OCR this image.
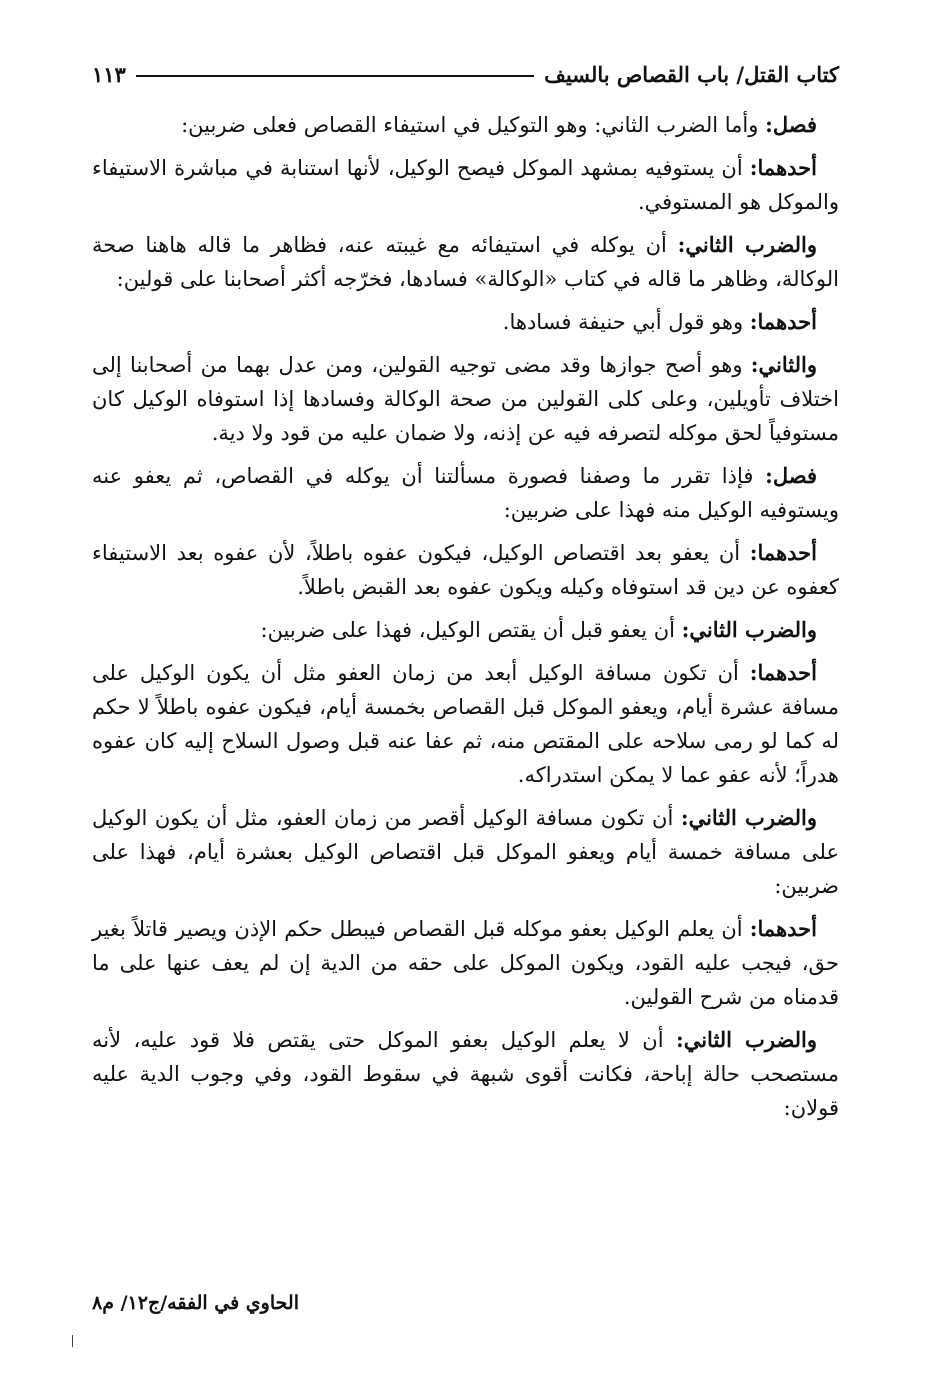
كتاب القتل/ باب القصاص بالسيف
١١٣

فصل: وأما الضرب الثاني: وهو التوكيل في استيفاء القصاص فعلى ضربين:

أحدهما: أن يستوفيه بمشهد الموكل فيصح الوكيل، لأنها استنابة في مباشرة الاستيفاء والموكل هو المستوفي.

والضرب الثاني: أن يوكله في استيفائه مع غيبته عنه، فظاهر ما قاله هاهنا صحة الوكالة، وظاهر ما قاله في كتاب «الوكالة» فسادها، فخرّجه أكثر أصحابنا على قولين:

أحدهما: وهو قول أبي حنيفة فسادها.

والثاني: وهو أصح جوازها وقد مضى توجيه القولين، ومن عدل بهما من أصحابنا إلى اختلاف تأويلين، وعلى كلى القولين من صحة الوكالة وفسادها إذا استوفاه الوكيل كان مستوفياً لحق موكله لتصرفه فيه عن إذنه، ولا ضمان عليه من قود ولا دية.

فصل: فإذا تقرر ما وصفنا فصورة مسألتنا أن يوكله في القصاص، ثم يعفو عنه ويستوفيه الوكيل منه فهذا على ضربين:

أحدهما: أن يعفو بعد اقتصاص الوكيل، فيكون عفوه باطلاً، لأن عفوه بعد الاستيفاء كعفوه عن دين قد استوفاه وكيله ويكون عفوه بعد القبض باطلاً.

والضرب الثاني: أن يعفو قبل أن يقتص الوكيل، فهذا على ضربين:

أحدهما: أن تكون مسافة الوكيل أبعد من زمان العفو مثل أن يكون الوكيل على مسافة عشرة أيام، ويعفو الموكل قبل القصاص بخمسة أيام، فيكون عفوه باطلاً لا حكم له كما لو رمى سلاحه على المقتص منه، ثم عفا عنه قبل وصول السلاح إليه كان عفوه هدراً؛ لأنه عفو عما لا يمكن استدراكه.

والضرب الثاني: أن تكون مسافة الوكيل أقصر من زمان العفو، مثل أن يكون الوكيل على مسافة خمسة أيام ويعفو الموكل قبل اقتصاص الوكيل بعشرة أيام، فهذا على ضربين:

أحدهما: أن يعلم الوكيل بعفو موكله قبل القصاص فيبطل حكم الإذن ويصير قاتلاً بغير حق، فيجب عليه القود، ويكون الموكل على حقه من الدية إن لم يعف عنها على ما قدمناه من شرح القولين.

والضرب الثاني: أن لا يعلم الوكيل بعفو الموكل حتى يقتص فلا قود عليه، لأنه مستصحب حالة إباحة، فكانت أقوى شبهة في سقوط القود، وفي وجوب الدية عليه قولان:

الحاوي في الفقه/ج١٢/ م٨
